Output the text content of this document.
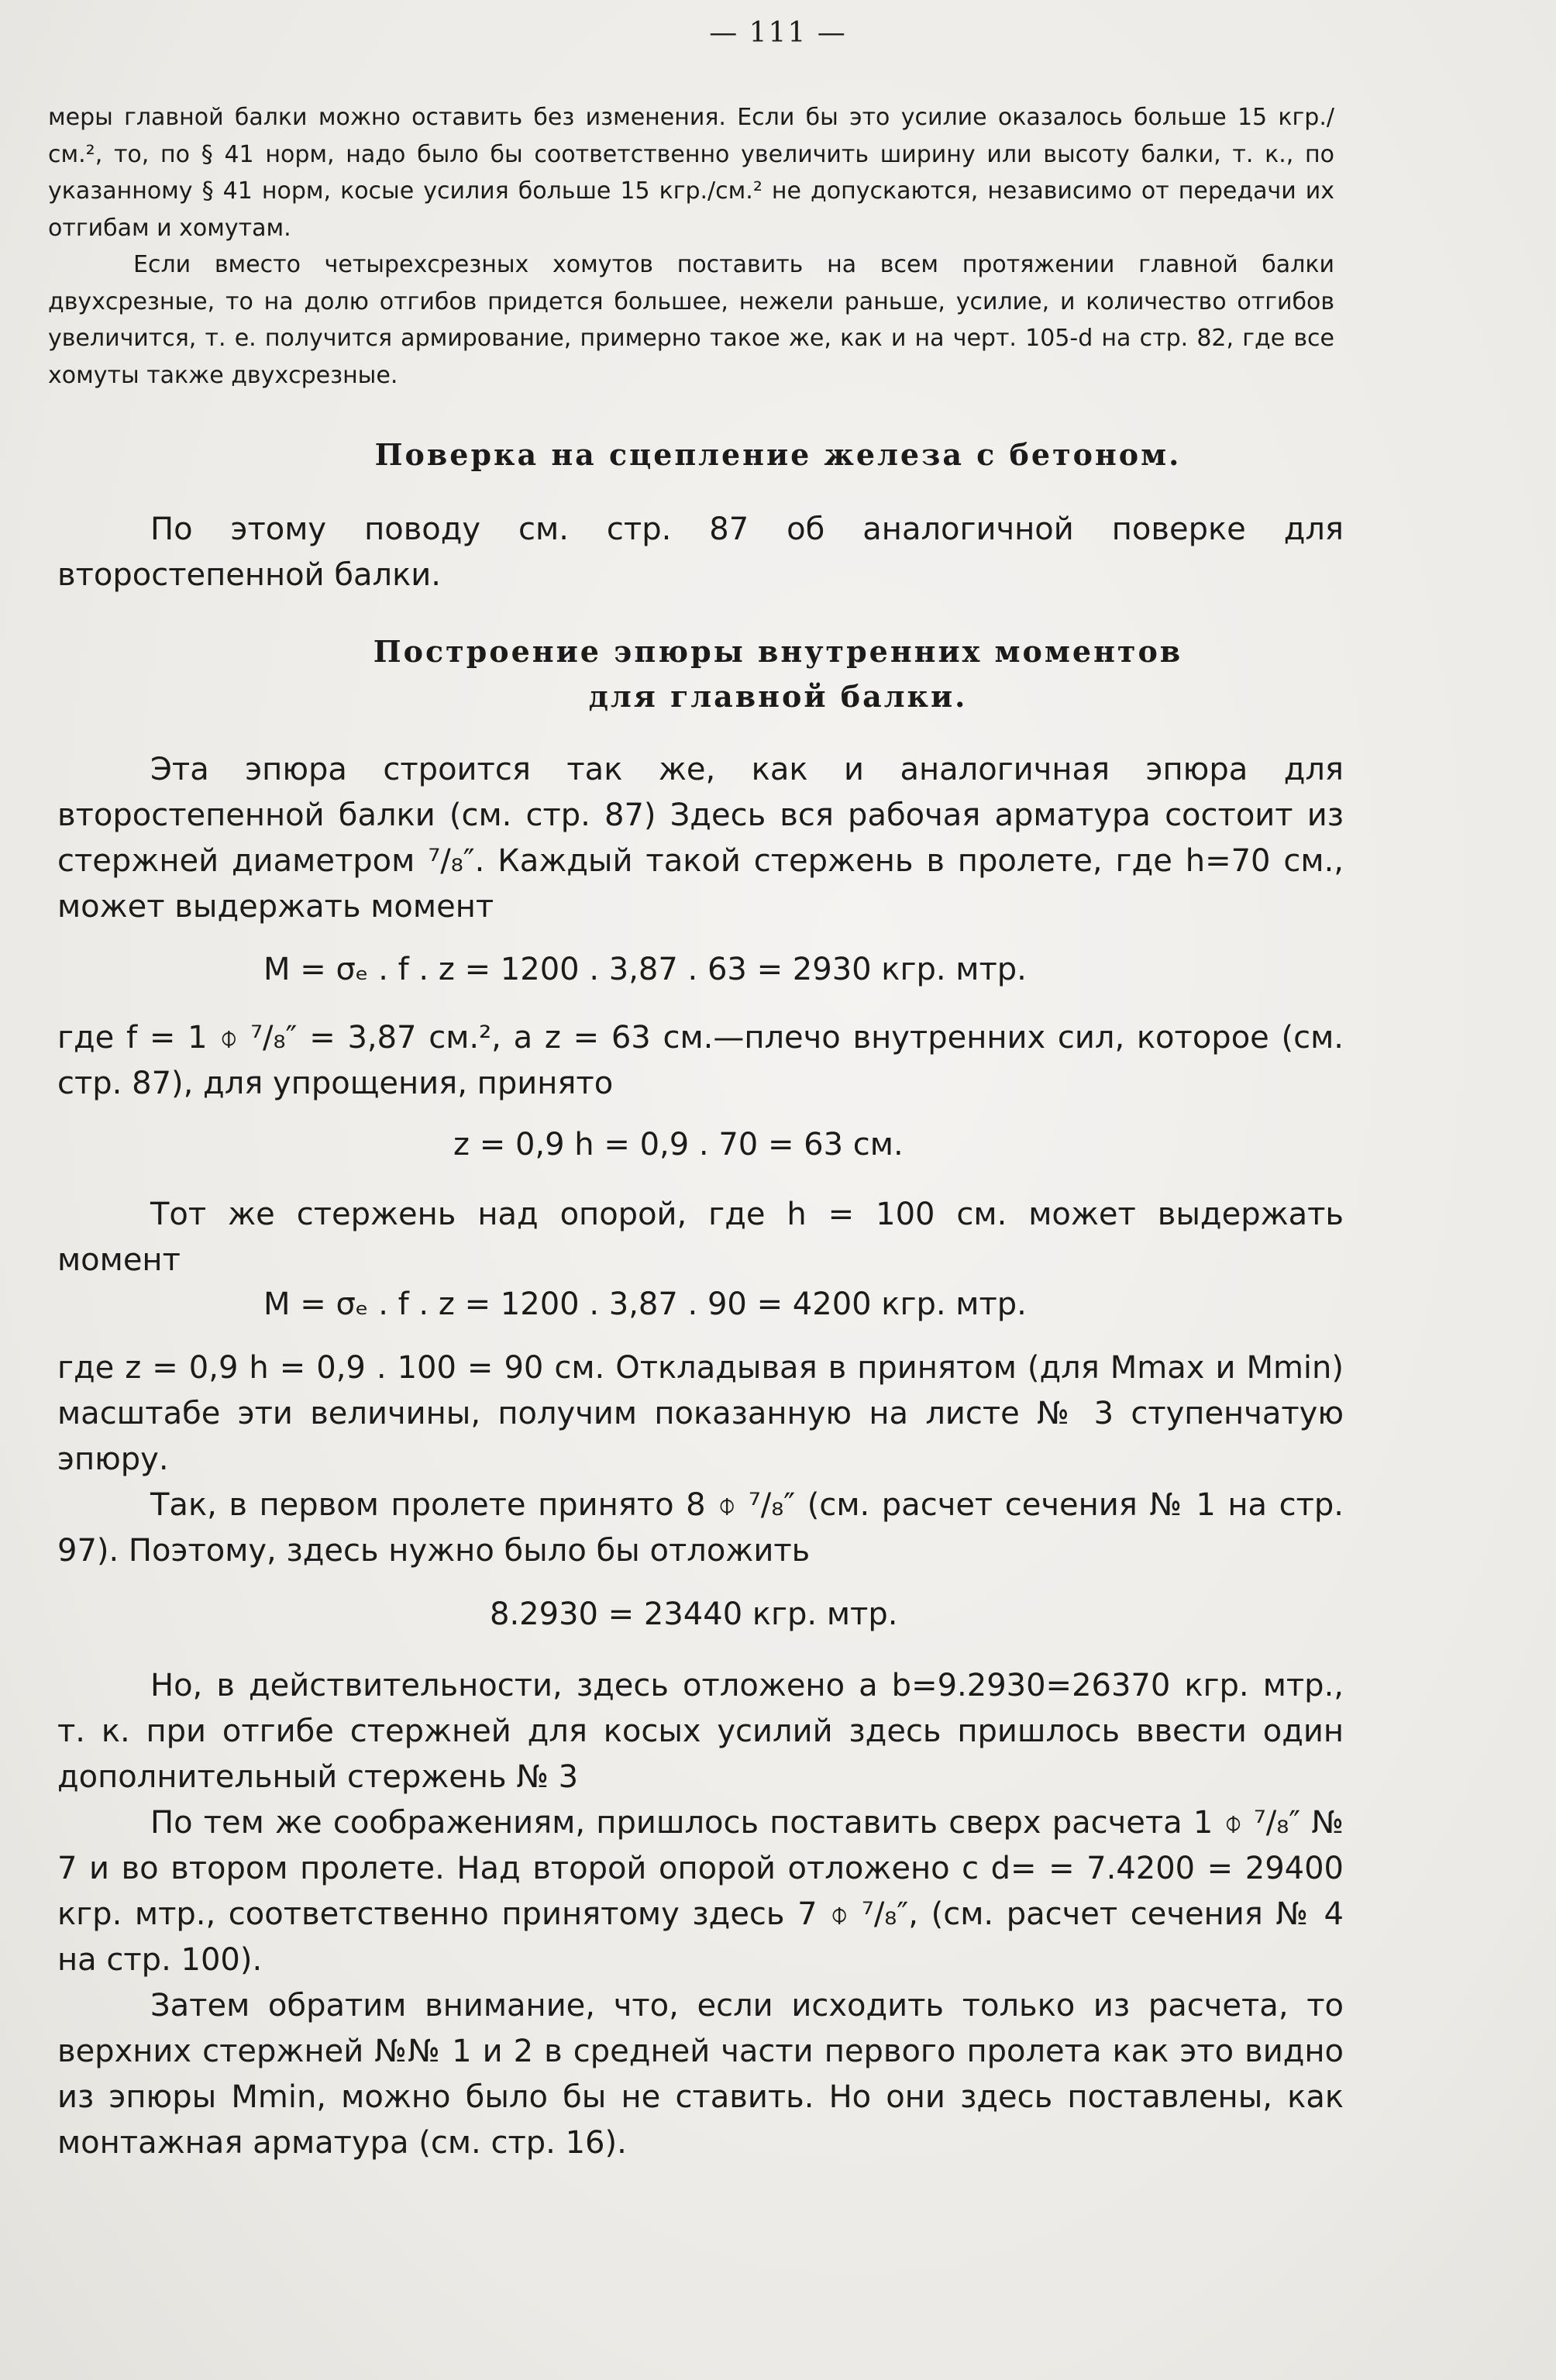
— 111 —

меры главной балки можно оставить без изменения. Если бы это усилие оказалось больше 15 кгр./см.², то, по § 41 норм, надо было бы соответственно увеличить ширину или высоту балки, т. к., по указанному § 41 норм, косые усилия больше 15 кгр./см.² не допускаются, независимо от передачи их отгибам и хомутам.

Если вместо четырехсрезных хомутов поставить на всем протяжении главной балки двухсрезные, то на долю отгибов придется большее, нежели раньше, усилие, и количество отгибов увеличится, т. е. получится армирование, примерно такое же, как и на черт. 105-d на стр. 82, где все хомуты также двухсрезные.

Поверка на сцепление железа с бетоном.

По этому поводу см. стр. 87 об аналогичной поверке для второстепенной балки.

Построение эпюры внутренних моментов
для главной балки.

Эта эпюра строится так же, как и аналогичная эпюра для второстепенной балки (см. стр. 87) Здесь вся рабочая арматура состоит из стержней диаметром ⁷/₈″. Каждый такой стержень в пролете, где h=70 см., может выдержать момент

M = σₑ . f . z = 1200 . 3,87 . 63 = 2930 кгр. мтр.

где f = 1 ⌽ ⁷/₈″ = 3,87 см.², а z = 63 см.—плечо внутренних сил, которое (см. стр. 87), для упрощения, принято

z = 0,9 h = 0,9 . 70 = 63 см.

Тот же стержень над опорой, где h = 100 см. может выдержать момент

M = σₑ . f . z = 1200 . 3,87 . 90 = 4200 кгр. мтр.

где z = 0,9 h = 0,9 . 100 = 90 см. Откладывая в принятом (для Mmax и Mmin) масштабе эти величины, получим показанную на листе № 3 ступенчатую эпюру.

Так, в первом пролете принято 8 ⌽ ⁷/₈″ (см. расчет сечения № 1 на стр. 97). Поэтому, здесь нужно было бы отложить

8.2930 = 23440 кгр. мтр.

Но, в действительности, здесь отложено a b=9.2930=26370 кгр. мтр., т. к. при отгибе стержней для косых усилий здесь пришлось ввести один дополнительный стержень № 3

По тем же соображениям, пришлось поставить сверх расчета 1 ⌽ ⁷/₈″ № 7 и во втором пролете. Над второй опорой отложено c d= = 7.4200 = 29400 кгр. мтр., соответственно принятому здесь 7 ⌽ ⁷/₈″, (см. расчет сечения № 4 на стр. 100).

Затем обратим внимание, что, если исходить только из расчета, то верхних стержней №№ 1 и 2 в средней части первого пролета как это видно из эпюры Mmin, можно было бы не ставить. Но они здесь поставлены, как монтажная арматура (см. стр. 16).
